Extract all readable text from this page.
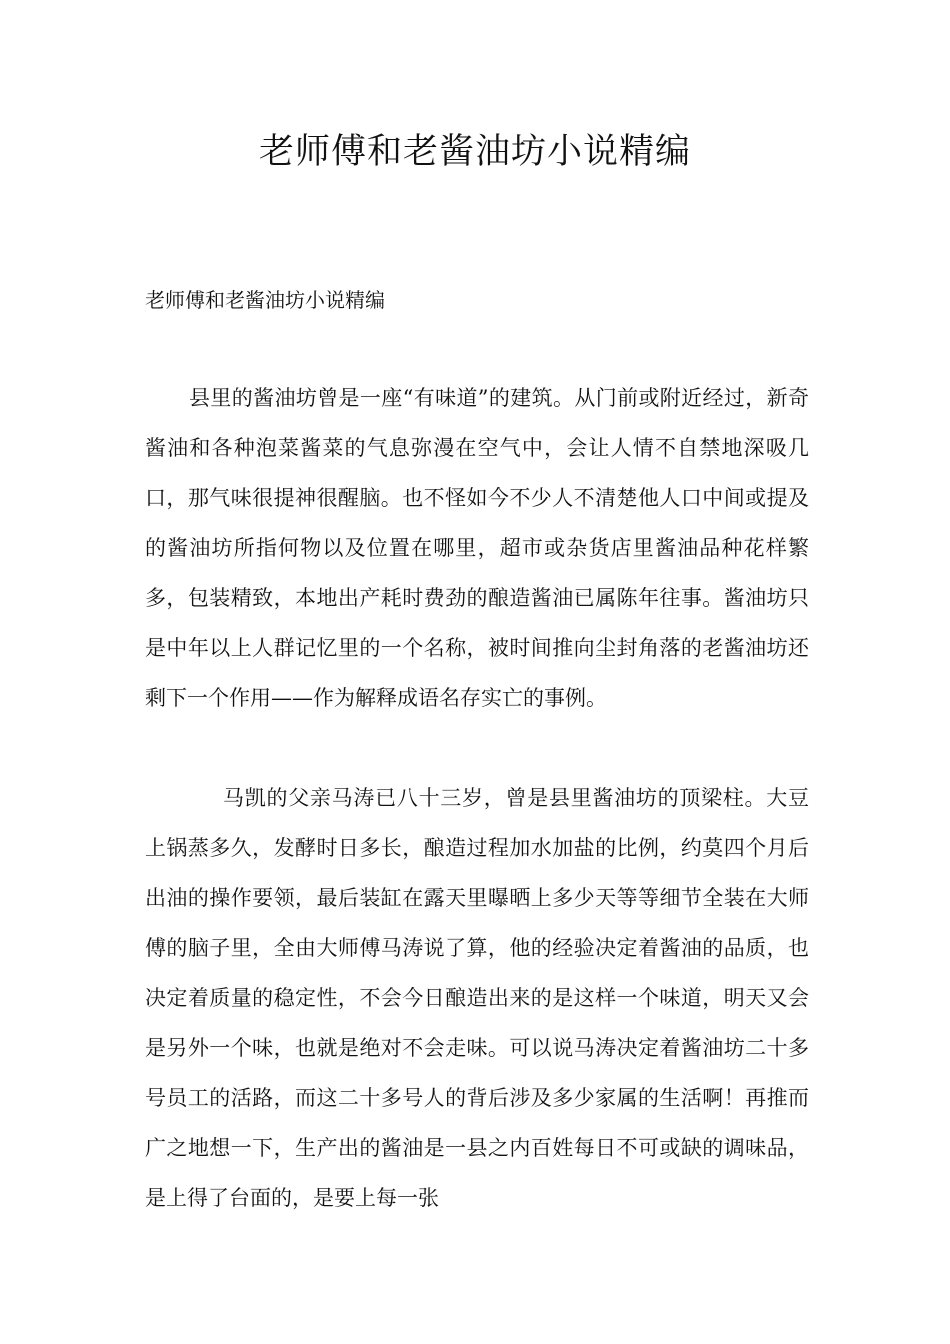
老师傅和老酱油坊小说精编

老师傅和老酱油坊小说精编

县里的酱油坊曾是一座“有味道”的建筑。从门前或附近经过，新奇酱油和各种泡菜酱菜的气息弥漫在空气中，会让人情不自禁地深吸几口，那气味很提神很醒脑。也不怪如今不少人不清楚他人口中间或提及的酱油坊所指何物以及位置在哪里，超市或杂货店里酱油品种花样繁多，包装精致，本地出产耗时费劲的酿造酱油已属陈年往事。酱油坊只是中年以上人群记忆里的一个名称，被时间推向尘封角落的老酱油坊还剩下一个作用——作为解释成语名存实亡的事例。

马凯的父亲马涛已八十三岁，曾是县里酱油坊的顶梁柱。大豆上锅蒸多久，发酵时日多长，酿造过程加水加盐的比例，约莫四个月后出油的操作要领，最后装缸在露天里曝晒上多少天等等细节全装在大师傅的脑子里，全由大师傅马涛说了算，他的经验决定着酱油的品质，也决定着质量的稳定性，不会今日酿造出来的是这样一个味道，明天又会是另外一个味，也就是绝对不会走味。可以说马涛决定着酱油坊二十多号员工的活路，而这二十多号人的背后涉及多少家属的生活啊！再推而广之地想一下，生产出的酱油是一县之内百姓每日不可或缺的调味品，是上得了台面的，是要上每一张
